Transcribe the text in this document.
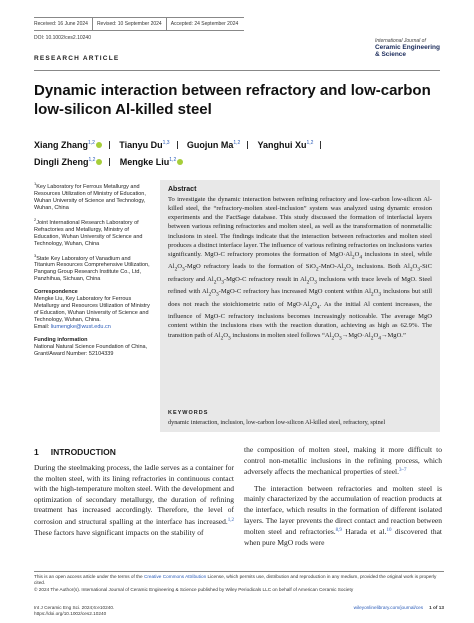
Received: 16 June 2024	Revised: 10 September 2024	Accepted: 24 September 2024
DOI: 10.1002/ces2.10240	International Journal of
Ceramic Engineering
& Science
RESEARCH ARTICLE
Dynamic interaction between refractory and low-carbon low-silicon Al-killed steel
Xiang Zhang$^{1,2}$	Tianyu Du$^{1,3}$ Guojun Ma$^{1,2}$ Yanghui Xu$^{1,2}$
Dingli Zheng$^{1,2}$	Mengke Liu$^{1,2}$
$^1$Key Laboratory for Ferrous Metallurgy and Resources Utilization of Ministry of Education, Wuhan University of Science and Technology, Wuhan, China
$^2$Joint International Research Laboratory of Refractories and Metallurgy, Ministry of Education, Wuhan University of Science and Technology, Wuhan, China
$^3$State Key Laboratory of Vanadium and Titanium Resources Comprehensive Utilization, Pangang Group Research Institute Co., Ltd, Panzhihua, Sichuan, China
Correspondence
Mengke Liu, Key Laboratory for Ferrous Metallurgy and Resources Utilization of Ministry of Education, Wuhan University of Science and Technology, Wuhan, China.
Email: liumengke@wust.edu.cn
Funding information
National Natural Science Foundation of China, Grant/Award Number: 52104339
Abstract
To investigate the dynamic interaction between refining refractory and low-carbon low-silicon Al-killed steel, the “refractory-molten steel-inclusion” system was analyzed using dynamic erosion experiments and the FactSage database. This study discussed the formation of interfacial layers between various refining refractories and molten steel, as well as the transformation of nonmetallic inclusions in steel. The findings indicate that the interaction between refractories and molten steel produces a distinct interface layer. The influence of various refining refractories on inclusions varies significantly. MgO-C refractory promotes the formation of $MgO\cdot Al_2O_4$ inclusions in steel, while $Al_2O_3$-MgO refractory leads to the formation of $SiO_2-MnO-Al_2O_3$ inclusions. Both $Al_2O_3$-SiC refractory and $Al_2O_3-MgO-C$ refractory result in $Al_2O_3$ inclusions with trace levels of MgO. Steel refined with $Al_2O_3-MgO-C$ refractory has increased MgO content within $Al_2O_3$ inclusions but still does not reach the stoichiometric ratio of $MgO\cdot Al_2O_4$. As the initial Al content increases, the influence of MgO-C refractory inclusions becomes increasingly noticeable. The average MgO content within the inclusions rises with the reaction duration, achieving as high as 62.9%. The transition path of $Al_2O_3$ inclusions in molten steel follows “$Al_2O_3\to MgO\cdot Al_2O_4\to MgO$.”
KEYWORDS
dynamic interaction, inclusion, low-carbon low-silicon Al-killed steel, refractory, spinel
1 INTRODUCTION

During the steelmaking process, the ladle serves as a container for the molten steel, with its lining refractories in continuous contact with the high-temperature molten steel. With the development and optimization of secondary metallurgy, the duration of refining treatment has increased accordingly. Therefore, the level of corrosion and structural spalling at the interface has increased.$^{1,2}$ These factors have significant impacts on the stability of

the composition of molten steel, making it more difficult to control non-metallic inclusions in the refining process, which adversely affects the mechanical properties of steel.$^{3-7}$

The interaction between refractories and molten steel is mainly characterized by the accumulation of reaction products at the interface, which results in the formation of different isolated layers. The layer prevents the direct contact and reaction between molten steel and refractories.$^{8,9}$ Harada et al.$^{10}$ discovered that when pure MgO rods were

This is an open access article under the terms of the Creative Commons Attribution License, which permits use, distribution and reproduction in any medium, provided the original work is properly cited.
© 2024 The Author(s). International Journal of Ceramic Engineering & Science published by Wiley Periodicals LLC on behalf of American Ceramic Society
Int J Ceramic Eng Sci. 2024;6:e10240.
https://doi.org/10.1002/ces2.10240
wileyonlinelibrary.com/journal/ces 1 of 13
